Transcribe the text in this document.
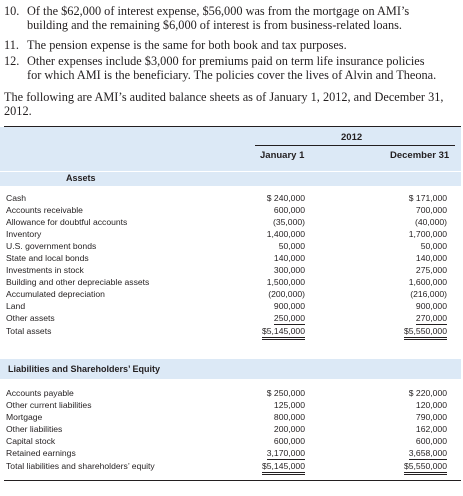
10. Of the $62,000 of interest expense, $56,000 was from the mortgage on AMI’s
building and the remaining $6,000 of interest is from business-related loans.
11. The pension expense is the same for both book and tax purposes.
12. Other expenses include $3,000 for premiums paid on term life insurance policies
for which AMI is the beneficiary. The policies cover the lives of Alvin and Theona.
The following are AMI’s audited balance sheets as of January 1, 2012, and December 31,
2012.
2012
January 1	December 31
Assets
Cash	$ 240,000	$ 171,000
Accounts receivable	600,000	700,000
Allowance for doubtful accounts	(35,000)	(40,000)
Inventory	1,400,000	1,700,000
U.S. government bonds	50,000	50,000
State and local bonds	140,000	140,000
Investments in stock	300,000	275,000
Building and other depreciable assets	1,500,000	1,600,000
Accumulated depreciation	(200,000)	(216,000)
Land	900,000	900,000
Other assets	250,000	270,000
Total assets	$5,145,000	$5,550,000
Liabilities and Shareholders’ Equity
Accounts payable	$ 250,000	$ 220,000
Other current liabilities	125,000	120,000
Mortgage	800,000	790,000
Other liabilities	200,000	162,000
Capital stock	600,000	600,000
Retained earnings	3,170,000	3,658,000
Total liabilities and shareholders’ equity	$5,145,000	$5,550,000
